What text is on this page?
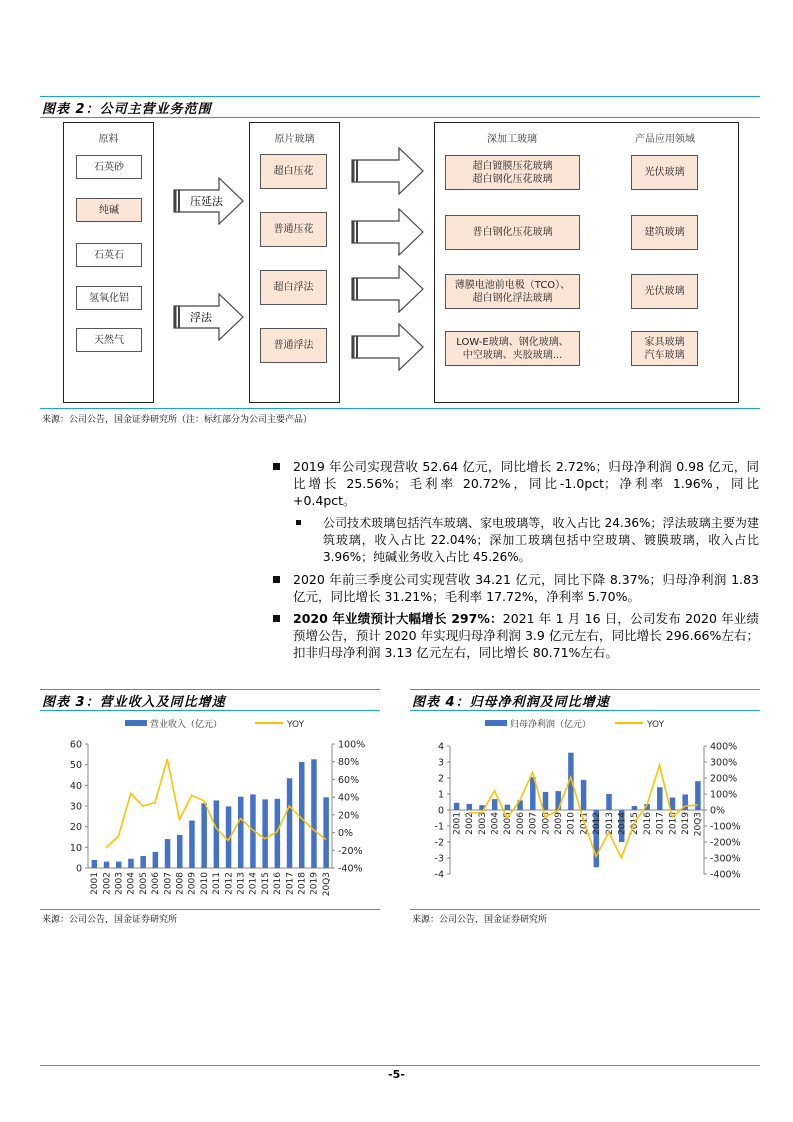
图表 2：公司主营业务范围
原料
石英砂
纯碱
石英石
氢氧化铝
天然气
原片玻璃
超白压花
普通压花
超白浮法
普通浮法
深加工玻璃	产品应用领域
超白镀膜压花玻璃
超白钢化压花玻璃
光伏玻璃
普白钢化压花玻璃	建筑玻璃
薄膜电池前电极（TCO）、
超白钢化浮法玻璃
光伏玻璃
LOW-E玻璃、钢化玻璃、
中空玻璃、夹胶玻璃...
家具玻璃
汽车玻璃
压延法
浮法
来源：公司公告，国金证券研究所（注：标红部分为公司主要产品）
2019 年公司实现营收 52.64 亿元，同比增长 2.72%；归母净利润 0.98 亿元，同比增长 25.56%；毛利率 20.72%，同比-1.0pct；净利率 1.96%，同比+0.4pct。
公司技术玻璃包括汽车玻璃、家电玻璃等，收入占比 24.36%；浮法玻璃主要为建筑玻璃，收入占比 22.04%；深加工玻璃包括中空玻璃、镀膜玻璃，收入占比 3.96%；纯碱业务收入占比 45.26%。
2020 年前三季度公司实现营收 34.21 亿元，同比下降 8.37%；归母净利润 1.83 亿元，同比增长 31.21%；毛利率 17.72%，净利率 5.70%。
2020 年业绩预计大幅增长 297%：2021 年 1 月 16 日，公司发布 2020 年业绩预增公告，预计 2020 年实现归母净利润 3.9 亿元左右，同比增长 296.66%左右；扣非归母净利润 3.13 亿元左右，同比增长 80.71%左右。
图表 3：营业收入及同比增速	图表 4：归母净利润及同比增速
营业收入（亿元）	YOY
0
10
20
30
40
50
60
-40%
-20%
0%
20%
40%
60%
80%
100%
2001 2002 2003 2004 2005 2006 2007 2008 2009 2010 2011 2012 2013 2014 2015 2016 2017 2018 2019 20Q3
归母净利润（亿元）	YOY
-4
-3
-2
-1
0
1
2
3
4
-400%
-300%
-200%
-100%
0%
100%
200%
300%
400%
2001 2002 2003 2004 2005 2006 2007 2008 2009 2010 2011 2012 2013 2014 2015 2016 2017 2018 2019 20Q3
来源：公司公告，国金证券研究所	来源：公司公告，国金证券研究所
-5-
